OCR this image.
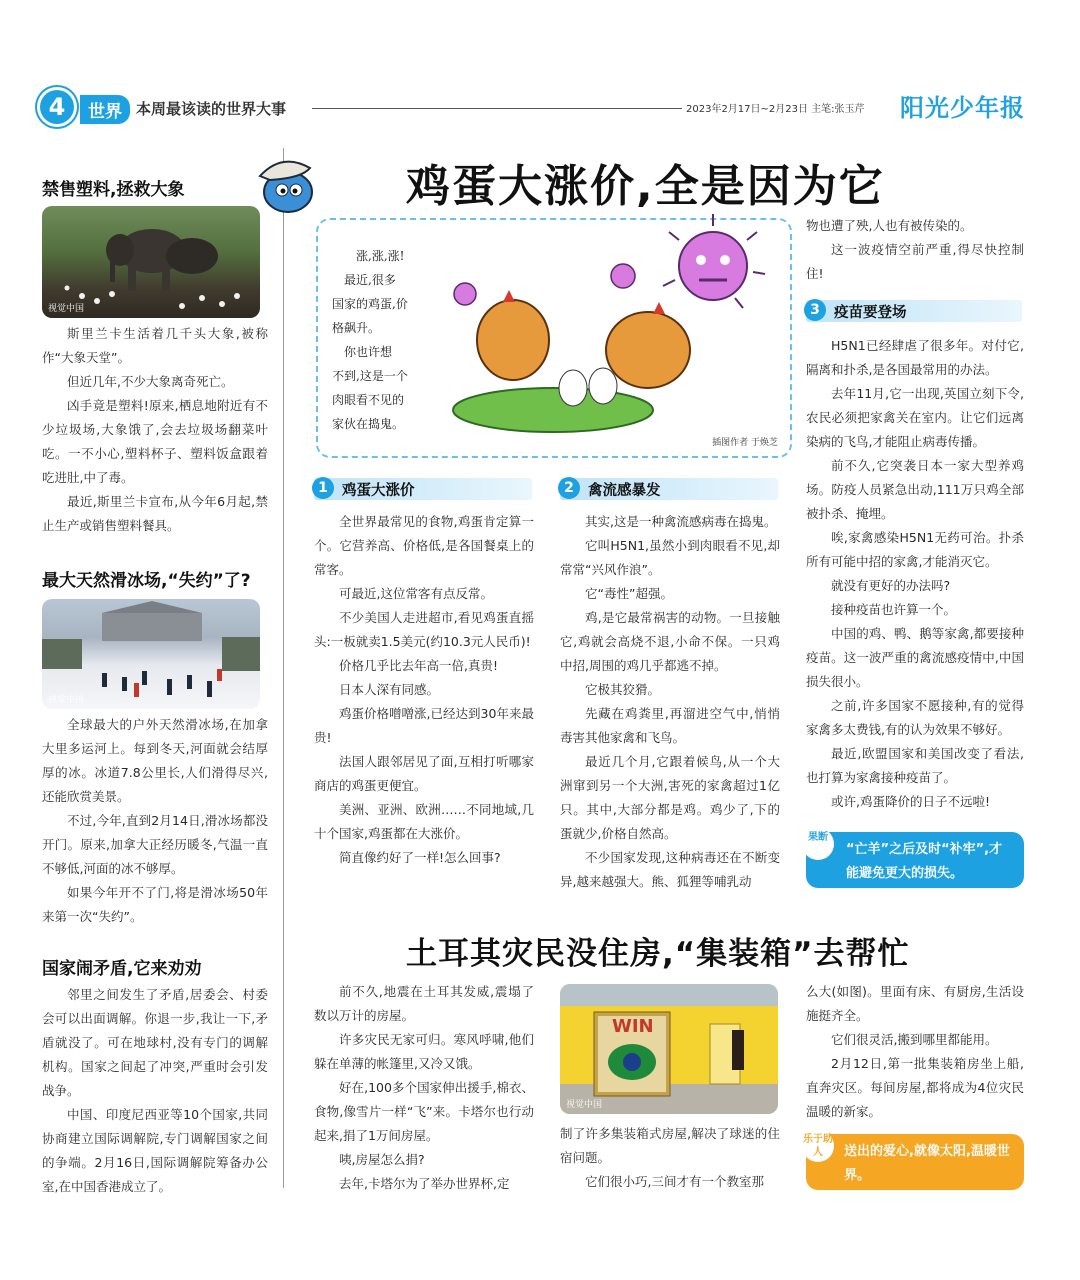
4	世界 本周最该读的世界大事	2023年2月17日~2月23日 主笔:张玉芹 阳光少年报
禁售塑料,拯救大象
视觉中国

斯里兰卡生活着几千头大象,被称作“大象天堂”。

但近几年,不少大象离奇死亡。

凶手竟是塑料!原来,栖息地附近有不少垃圾场,大象饿了,会去垃圾场翻菜叶吃。一不小心,塑料杯子、塑料饭盒跟着吃进肚,中了毒。

最近,斯里兰卡宣布,从今年6月起,禁止生产或销售塑料餐具。

最大天然滑冰场,“失约”了?
视觉中国

全球最大的户外天然滑冰场,在加拿大里多运河上。每到冬天,河面就会结厚厚的冰。冰道7.8公里长,人们滑得尽兴,还能欣赏美景。

不过,今年,直到2月14日,滑冰场都没开门。原来,加拿大正经历暖冬,气温一直不够低,河面的冰不够厚。

如果今年开不了门,将是滑冰场50年来第一次“失约”。

国家闹矛盾,它来劝劝

邻里之间发生了矛盾,居委会、村委会可以出面调解。你退一步,我让一下,矛盾就没了。可在地球村,没有专门的调解机构。国家之间起了冲突,严重时会引发战争。

中国、印度尼西亚等10个国家,共同协商建立国际调解院,专门调解国家之间的争端。2月16日,国际调解院筹备办公室,在中国香港成立了。

鸡蛋大涨价,全是因为它
涨,涨,涨!
最近,很多
国家的鸡蛋,价
格飙升。
你也许想
不到,这是一个
肉眼看不见的
家伙在捣鬼。
插图作者 于焕芝
1 鸡蛋大涨价

全世界最常见的食物,鸡蛋肯定算一个。它营养高、价格低,是各国餐桌上的常客。

可最近,这位常客有点反常。

不少美国人走进超市,看见鸡蛋直摇头:一板就卖1.5美元(约10.3元人民币)!

价格几乎比去年高一倍,真贵!

日本人深有同感。

鸡蛋价格噌噌涨,已经达到30年来最贵!

法国人跟邻居见了面,互相打听哪家商店的鸡蛋更便宜。

美洲、亚洲、欧洲……不同地域,几十个国家,鸡蛋都在大涨价。

简直像约好了一样!怎么回事?

2 禽流感暴发

其实,这是一种禽流感病毒在捣鬼。

它叫H5N1,虽然小到肉眼看不见,却常常“兴风作浪”。

它“毒性”超强。

鸡,是它最常祸害的动物。一旦接触它,鸡就会高烧不退,小命不保。一只鸡中招,周围的鸡几乎都逃不掉。

它极其狡猾。

先藏在鸡粪里,再溜进空气中,悄悄毒害其他家禽和飞鸟。

最近几个月,它跟着候鸟,从一个大洲窜到另一个大洲,害死的家禽超过1亿只。其中,大部分都是鸡。鸡少了,下的蛋就少,价格自然高。

不少国家发现,这种病毒还在不断变异,越来越强大。熊、狐狸等哺乳动

物也遭了殃,人也有被传染的。

这一波疫情空前严重,得尽快控制住!

3 疫苗要登场

H5N1已经肆虐了很多年。对付它,隔离和扑杀,是各国最常用的办法。

去年11月,它一出现,英国立刻下令,农民必须把家禽关在室内。让它们远离染病的飞鸟,才能阻止病毒传播。

前不久,它突袭日本一家大型养鸡场。防疫人员紧急出动,111万只鸡全部被扑杀、掩埋。

唉,家禽感染H5N1无药可治。扑杀所有可能中招的家禽,才能消灭它。

就没有更好的办法吗?

接种疫苗也许算一个。

中国的鸡、鸭、鹅等家禽,都要接种疫苗。这一波严重的禽流感疫情中,中国损失很小。

之前,许多国家不愿接种,有的觉得家禽多太费钱,有的认为效果不够好。

最近,欧盟国家和美国改变了看法,也打算为家禽接种疫苗了。

或许,鸡蛋降价的日子不远啦!

果断
“亡羊”之后及时“补牢”,才能避免更大的损失。
土耳其灾民没住房,“集装箱”去帮忙

前不久,地震在土耳其发威,震塌了数以万计的房屋。

许多灾民无家可归。寒风呼啸,他们躲在单薄的帐篷里,又冷又饿。

好在,100多个国家伸出援手,棉衣、食物,像雪片一样“飞”来。卡塔尔也行动起来,捐了1万间房屋。

咦,房屋怎么捐?

去年,卡塔尔为了举办世界杯,定

WIN
视觉中国

制了许多集装箱式房屋,解决了球迷的住宿问题。

它们很小巧,三间才有一个教室那

么大(如图)。里面有床、有厨房,生活设施挺齐全。

它们很灵活,搬到哪里都能用。

2月12日,第一批集装箱房坐上船,直奔灾区。每间房屋,都将成为4位灾民温暖的新家。

乐于助人	送出的爱心,就像太阳,温暖世界。
